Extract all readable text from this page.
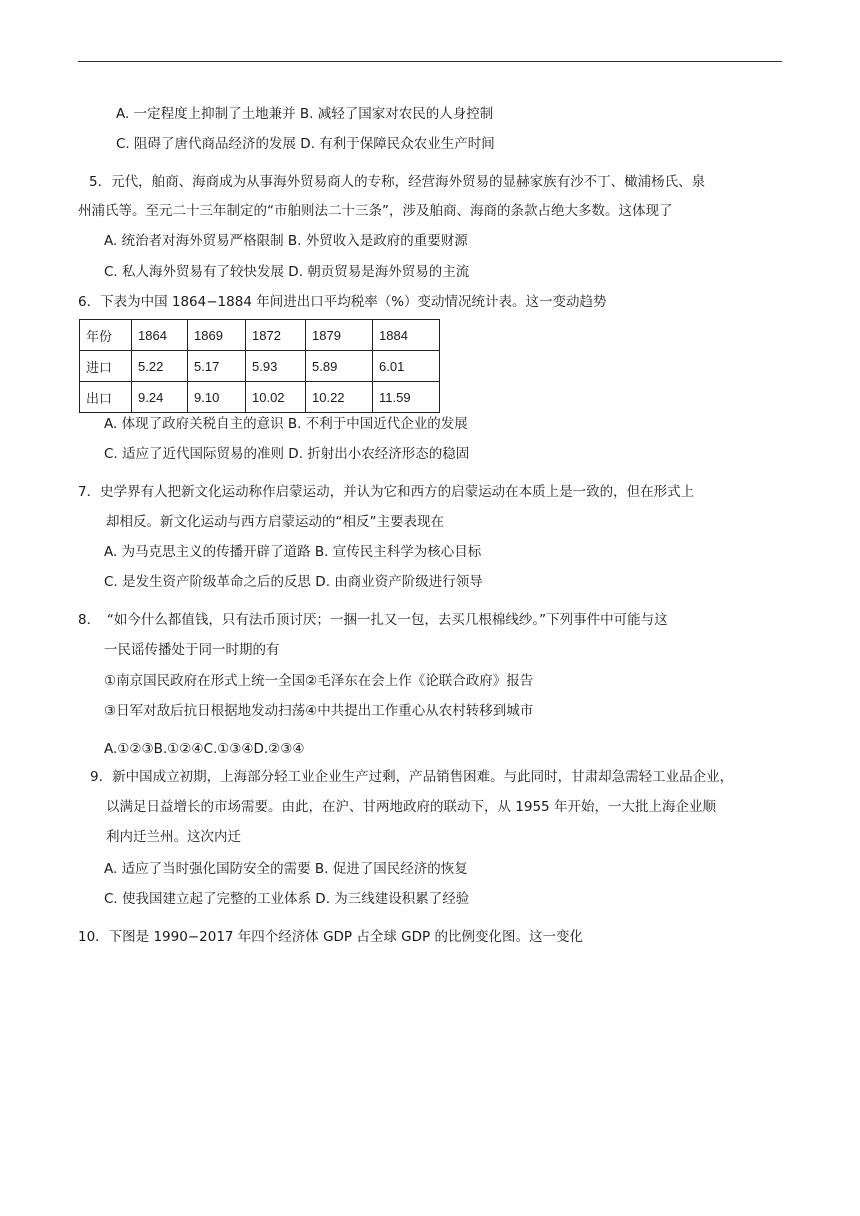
A. 一定程度上抑制了土地兼并 B. 减轻了国家对农民的人身控制
C. 阻碍了唐代商品经济的发展 D. 有利于保障民众农业生产时间
5．元代，舶商、海商成为从事海外贸易商人的专称，经营海外贸易的显赫家族有沙不丁、橄浦杨氏、泉
州浦氏等。至元二十三年制定的“市舶则法二十三条”，涉及舶商、海商的条款占绝大多数。这体现了
A. 统治者对海外贸易严格限制 B. 外贸收入是政府的重要财源
C. 私人海外贸易有了较快发展 D. 朝贡贸易是海外贸易的主流
6．下表为中国 1864−1884 年间进出口平均税率（%）变动情况统计表。这一变动趋势
年份	1864	1869	1872	1879	1884
进口	5.22	5.17	5.93	5.89	6.01
出口	9.24	9.10	10.02	10.22	11.59
A. 体现了政府关税自主的意识 B. 不利于中国近代企业的发展
C. 适应了近代国际贸易的准则 D. 折射出小农经济形态的稳固
7．史学界有人把新文化运动称作启蒙运动，并认为它和西方的启蒙运动在本质上是一致的，但在形式上
却相反。新文化运动与西方启蒙运动的“相反”主要表现在
A. 为马克思主义的传播开辟了道路 B. 宣传民主科学为核心目标
C. 是发生资产阶级革命之后的反思 D. 由商业资产阶级进行领导
8．　“如今什么都值钱，只有法币顶讨厌；一捆一扎又一包，去买几根棉线纱。”下列事件中可能与这
一民谣传播处于同一时期的有
①南京国民政府在形式上统一全国②毛泽东在会上作《论联合政府》报告
③日军对敌后抗日根据地发动扫荡④中共提出工作重心从农村转移到城市
A.①②③B.①②④C.①③④D.②③④
9．新中国成立初期，上海部分轻工业企业生产过剩，产品销售困难。与此同时，甘肃却急需轻工业品企业，
以满足日益增长的市场需要。由此，在沪、甘两地政府的联动下，从 1955 年开始，一大批上海企业顺
利内迁兰州。这次内迁
A. 适应了当时强化国防安全的需要 B. 促进了国民经济的恢复
C. 使我国建立起了完整的工业体系 D. 为三线建设积累了经验
10．下图是 1990−2017 年四个经济体 GDP 占全球 GDP 的比例变化图。这一变化
